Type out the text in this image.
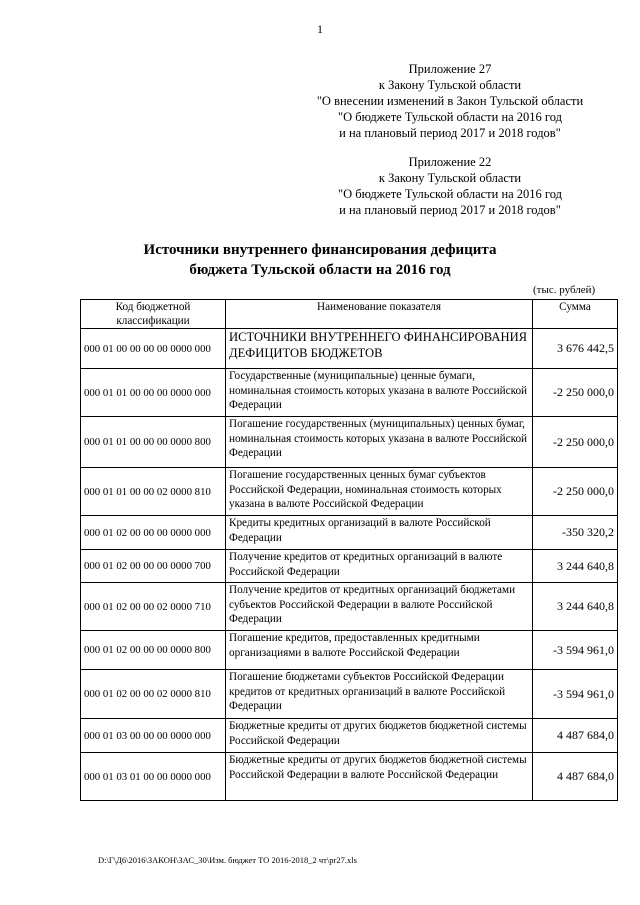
1
Приложение 27
к Закону Тульской области
"О внесении изменений в Закон Тульской области
"О бюджете Тульской области на 2016 год
и на плановый период 2017 и 2018 годов"
Приложение 22
к Закону Тульской области
"О бюджете Тульской области на 2016 год
и на плановый период 2017 и 2018 годов"
Источники внутреннего финансирования дефицита
бюджета Тульской области на 2016 год
(тыс. рублей)
Код бюджетной классификации	Наименование показателя	Сумма
000 01 00 00 00 00 0000 000	ИСТОЧНИКИ ВНУТРЕННЕГО ФИНАНСИРОВАНИЯ ДЕФИЦИТОВ БЮДЖЕТОВ	3 676 442,5
000 01 01 00 00 00 0000 000	Государственные (муниципальные) ценные бумаги, номинальная стоимость которых указана в валюте Российской Федерации	-2 250 000,0
000 01 01 00 00 00 0000 800	Погашение государственных (муниципальных) ценных бумаг, номинальная стоимость которых указана в валюте Российской Федерации	-2 250 000,0
000 01 01 00 00 02 0000 810	Погашение государственных ценных бумаг субъектов Российской Федерации, номинальная стоимость которых указана в валюте Российской Федерации	-2 250 000,0
000 01 02 00 00 00 0000 000	Кредиты кредитных организаций в валюте Российской Федерации	-350 320,2
000 01 02 00 00 00 0000 700	Получение кредитов от кредитных организаций в валюте Российской Федерации	3 244 640,8
000 01 02 00 00 02 0000 710	Получение кредитов от кредитных организаций бюджетами субъектов Российской Федерации в валюте Российской Федерации	3 244 640,8
000 01 02 00 00 00 0000 800	Погашение кредитов, предоставленных кредитными организациями в валюте Российской Федерации	-3 594 961,0
000 01 02 00 00 02 0000 810	Погашение бюджетами субъектов Российской Федерации кредитов от кредитных организаций в валюте Российской Федерации	-3 594 961,0
000 01 03 00 00 00 0000 000	Бюджетные кредиты от других бюджетов бюджетной системы Российской Федерации	4 487 684,0
000 01 03 01 00 00 0000 000	Бюджетные кредиты от других бюджетов бюджетной системы Российской Федерации в валюте Российской Федерации	4 487 684,0
D:\Г\Д6\2016\ЗАКОН\ЗАС_30\Изм. бюджет ТО 2016-2018_2 чт\pr27.xls
